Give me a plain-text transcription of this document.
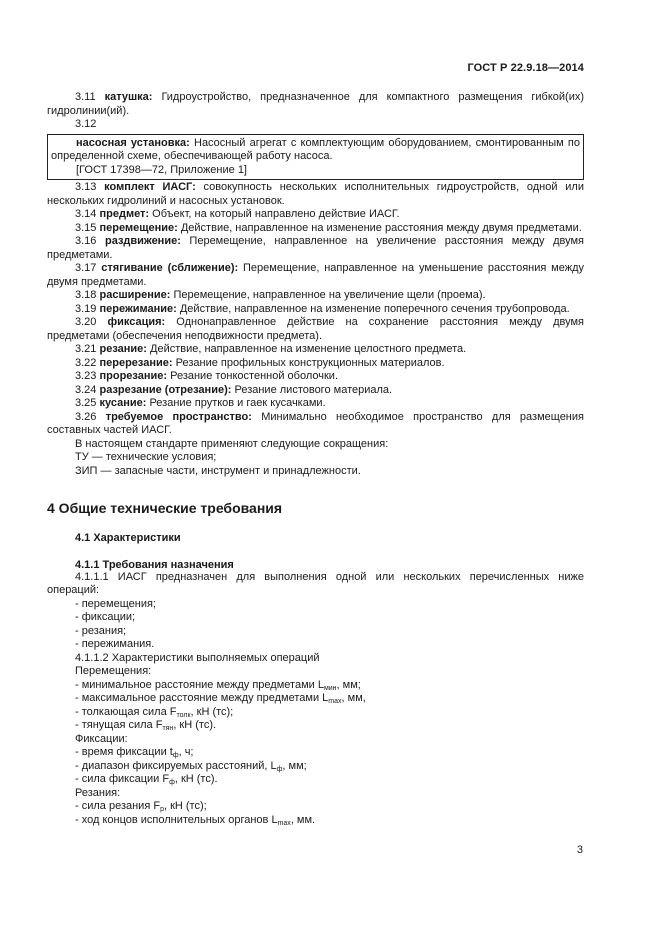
ГОСТ Р 22.9.18—2014

3.11 катушка: Гидроустройство, предназначенное для компактного размещения гибкой(их) гидролинии(ий).

3.12

насосная установка: Насосный агрегат с комплектующим оборудованием, смонтированным по определенной схеме, обеспечивающей работу насоса.

[ГОСТ 17398—72, Приложение 1]

3.13 комплект ИАСГ: совокупность нескольких исполнительных гидроустройств, одной или нескольких гидролиний и насосных установок.

3.14 предмет: Объект, на который направлено действие ИАСГ.

3.15 перемещение: Действие, направленное на изменение расстояния между двумя предметами.

3.16 раздвижение: Перемещение, направленное на увеличение расстояния между двумя предметами.

3.17 стягивание (сближение): Перемещение, направленное на уменьшение расстояния между двумя предметами.

3.18 расширение: Перемещение, направленное на увеличение щели (проема).

3.19 пережимание: Действие, направленное на изменение поперечного сечения трубопровода.

3.20 фиксация: Однонаправленное действие на сохранение расстояния между двумя предметами (обеспечения неподвижности предмета).

3.21 резание: Действие, направленное на изменение целостного предмета.

3.22 перерезание: Резание профильных конструкционных материалов.

3.23 прорезание: Резание тонкостенной оболочки.

3.24 разрезание (отрезание): Резание листового материала.

3.25 кусание: Резание прутков и гаек кусачками.

3.26 требуемое пространство: Минимально необходимое пространство для размещения составных частей ИАСГ.

В настоящем стандарте применяют следующие сокращения:

ТУ — технические условия;

ЗИП — запасные части, инструмент и принадлежности.

4 Общие технические требования
4.1 Характеристики
4.1.1 Требования назначения

4.1.1.1 ИАСГ предназначен для выполнения одной или нескольких перечисленных ниже операций:

- перемещения;

- фиксации;

- резания;

- пережимания.

4.1.1.2 Характеристики выполняемых операций

Перемещения:

- минимальное расстояние между предметами $L_{мин}$, мм;

- максимальное расстояние между предметами $L_{max}$, мм,

- толкающая сила $F_{толк}$, кН (тс);

- тянущая сила $F_{тян}$, кН (тс).

Фиксации:

- время фиксации $t_ф$, ч;

- диапазон фиксируемых расстояний, $L_ф$, мм;

- сила фиксации $F_ф$, кН (тс).

Резания:

- сила резания $F_р$, кН (тс);

- ход концов исполнительных органов $L_{max}$, мм.

3
